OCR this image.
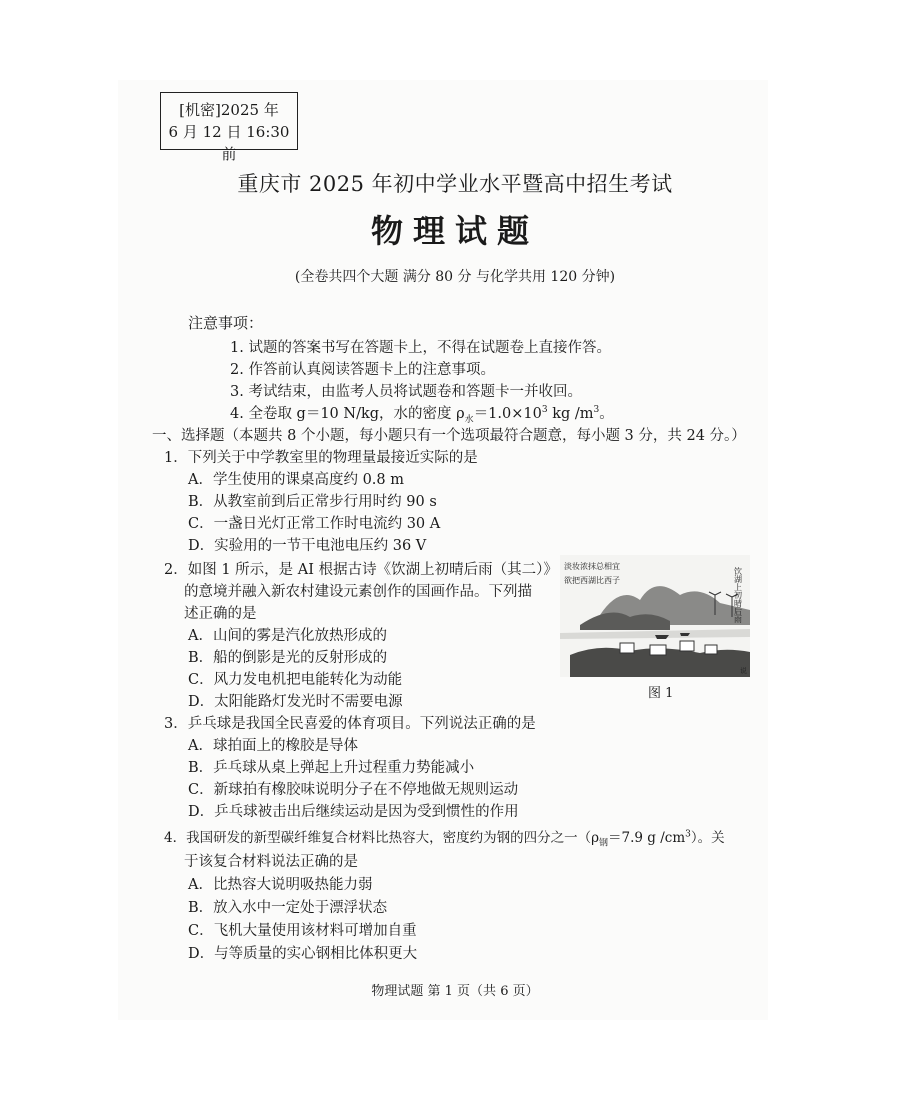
[机密]2025 年
6 月 12 日 16:30 前
重庆市 2025 年初中学业水平暨高中招生考试
物理试题
(全卷共四个大题 满分 80 分 与化学共用 120 分钟)
注意事项：
1. 试题的答案书写在答题卡上，不得在试题卷上直接作答。
2. 作答前认真阅读答题卡上的注意事项。
3. 考试结束，由监考人员将试题卷和答题卡一并收回。
4. 全卷取 g＝10 N/kg，水的密度 $\rho_水=1.0\times 10^3$ kg $/m^3$。
一、选择题（本题共 8 个小题，每小题只有一个选项最符合题意，每小题 3 分，共 24 分。）
1．下列关于中学教室里的物理量最接近实际的是
A．学生使用的课桌高度约 0.8 m
B．从教室前到后正常步行用时约 90 s
C．一盏日光灯正常工作时电流约 30 A
D．实验用的一节干电池电压约 36 V
2．如图 1 所示，是 AI 根据古诗《饮湖上初晴后雨（其二）》
的意境并融入新农村建设元素创作的国画作品。下列描
述正确的是
A．山间的雾是汽化放热形成的
B．船的倒影是光的反射形成的
C．风力发电机把电能转化为动能
D．太阳能路灯发光时不需要电源
淡妆浓抹总相宜
欲把西湖比西子	饮湖上初晴后雨
说
图 1
3．乒乓球是我国全民喜爱的体育项目。下列说法正确的是
A．球拍面上的橡胶是导体
B．乒乓球从桌上弹起上升过程重力势能减小
C．新球拍有橡胶味说明分子在不停地做无规则运动
D．乒乓球被击出后继续运动是因为受到惯性的作用
4．我国研发的新型碳纤维复合材料比热容大，密度约为钢的四分之一（$\rho_钢=7.9$ g $/cm^3$）。关
于该复合材料说法正确的是
A．比热容大说明吸热能力弱
B．放入水中一定处于漂浮状态
C．飞机大量使用该材料可增加自重
D．与等质量的实心钢相比体积更大
物理试题 第 1 页（共 6 页）
